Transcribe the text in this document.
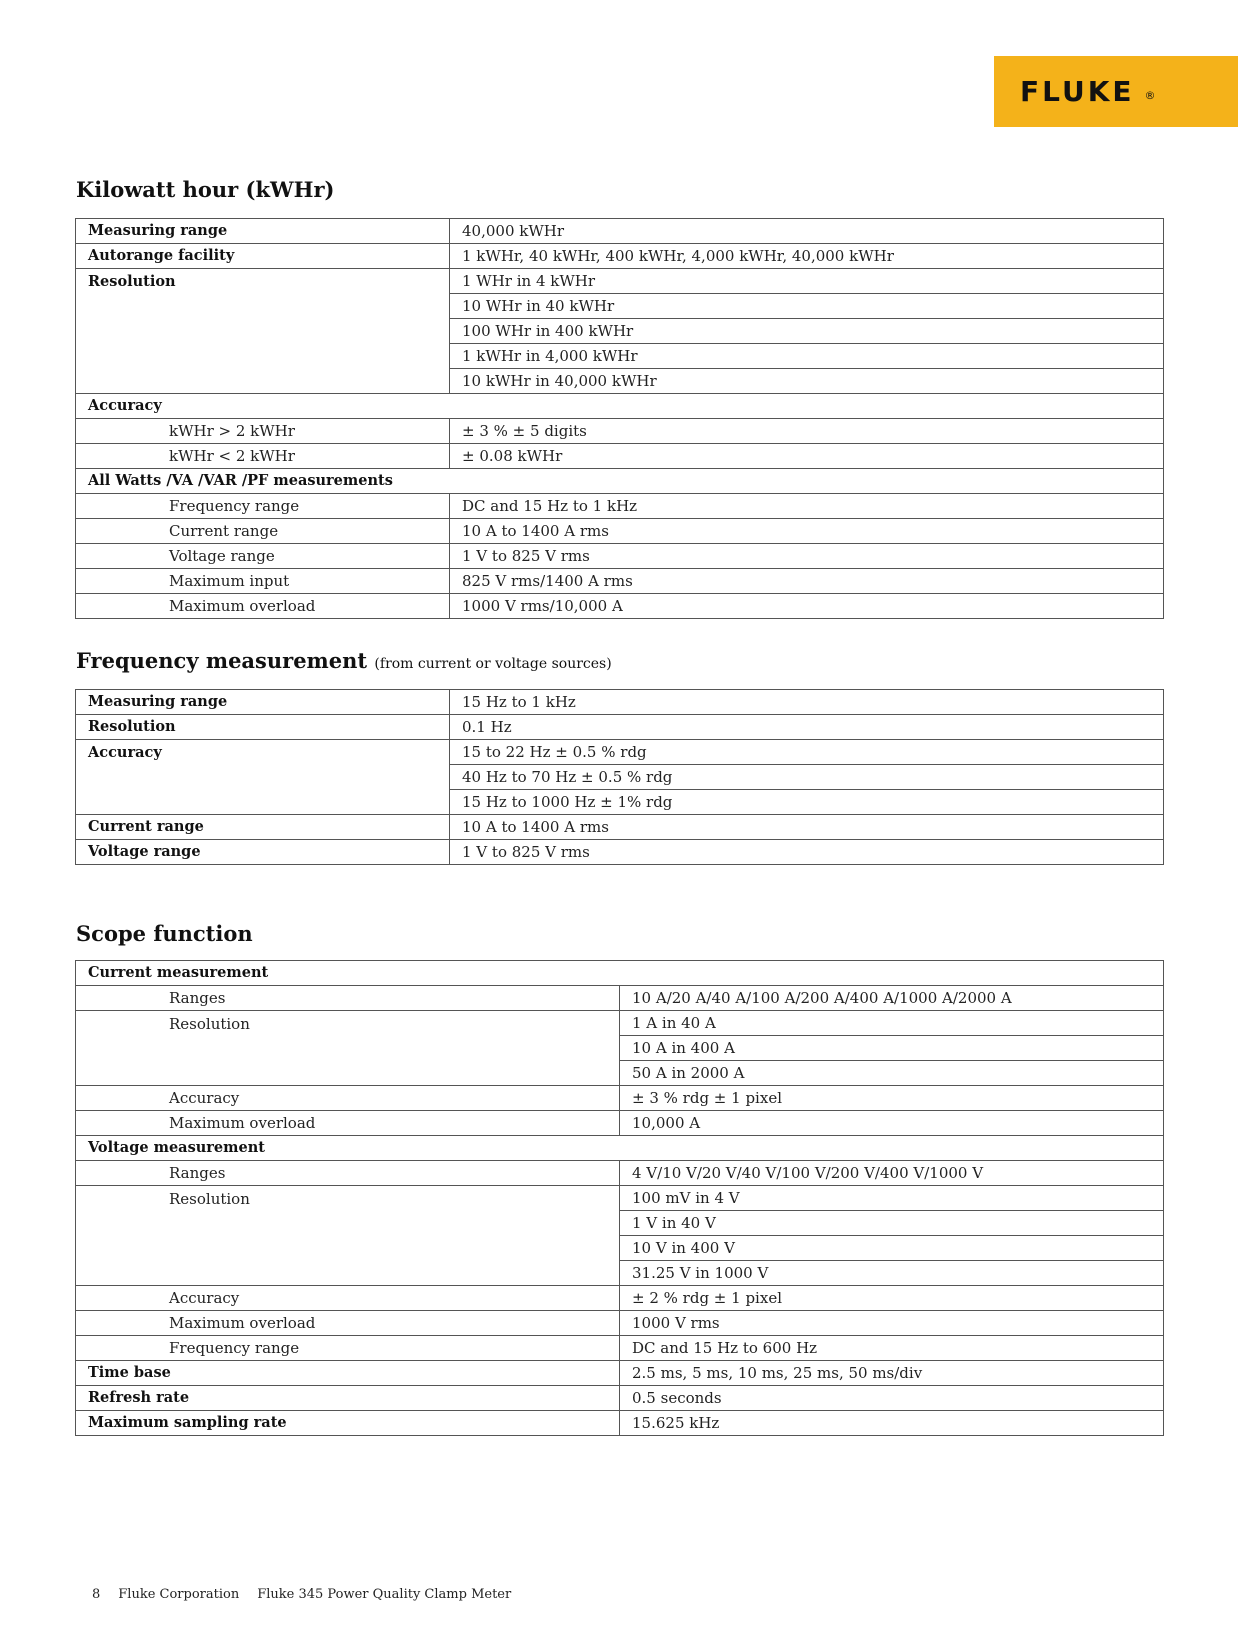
FLUKE ®
Kilowatt hour (kWHr)
Measuring range	40,000 kWHr
Autorange facility	1 kWHr, 40 kWHr, 400 kWHr, 4,000 kWHr, 40,000 kWHr
Resolution	1 WHr in 4 kWHr
	10 WHr in 40 kWHr
	100 WHr in 400 kWHr
	1 kWHr in 4,000 kWHr
	10 kWHr in 40,000 kWHr
Accuracy	
kWHr > 2 kWHr	± 3 % ± 5 digits
kWHr < 2 kWHr	± 0.08 kWHr
All Watts /VA /VAR /PF measurements	
Frequency range	DC and 15 Hz to 1 kHz
Current range	10 A to 1400 A rms
Voltage range	1 V to 825 V rms
Maximum input	825 V rms/1400 A rms
Maximum overload	1000 V rms/10,000 A
Frequency measurement (from current or voltage sources)
Measuring range	15 Hz to 1 kHz
Resolution	0.1 Hz
Accuracy	15 to 22 Hz ± 0.5 % rdg
	40 Hz to 70 Hz ± 0.5 % rdg
	15 Hz to 1000 Hz ± 1% rdg
Current range	10 A to 1400 A rms
Voltage range	1 V to 825 V rms
Scope function
Current measurement	
Ranges	10 A/20 A/40 A/100 A/200 A/400 A/1000 A/2000 A
Resolution	1 A in 40 A
	10 A in 400 A
	50 A in 2000 A
Accuracy	± 3 % rdg ± 1 pixel
Maximum overload	10,000 A
Voltage measurement	
Ranges	4 V/10 V/20 V/40 V/100 V/200 V/400 V/1000 V
Resolution	100 mV in 4 V
	1 V in 40 V
	10 V in 400 V
	31.25 V in 1000 V
Accuracy	± 2 % rdg ± 1 pixel
Maximum overload	1000 V rms
Frequency range	DC and 15 Hz to 600 Hz
Time base	2.5 ms, 5 ms, 10 ms, 25 ms, 50 ms/div
Refresh rate	0.5 seconds
Maximum sampling rate	15.625 kHz
8 Fluke Corporation Fluke 345 Power Quality Clamp Meter
